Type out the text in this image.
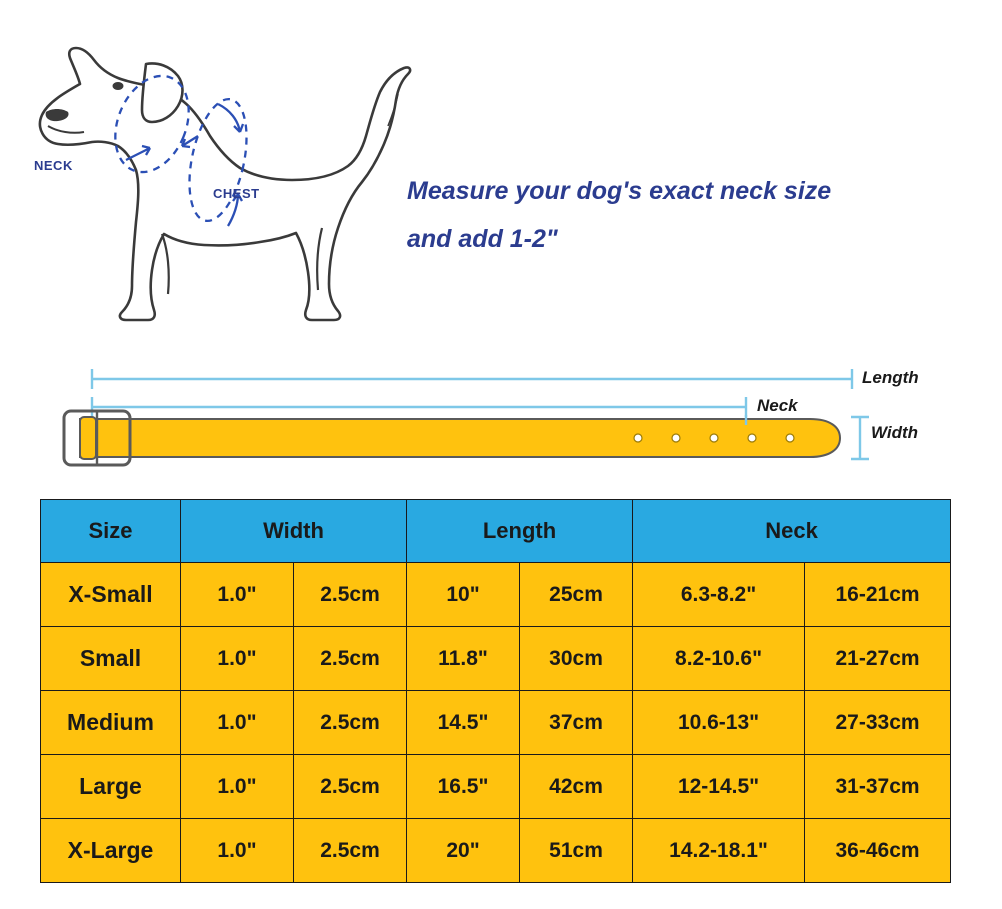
NECK
CHEST	Measure your dog's exact neck size
and add 1-2"
Length
Neck
Width
Size	Width		Length		Neck	
X-Small	1.0"	2.5cm	10"	25cm	6.3-8.2"	16-21cm
Small	1.0"	2.5cm	11.8"	30cm	8.2-10.6"	21-27cm
Medium	1.0"	2.5cm	14.5"	37cm	10.6-13"	27-33cm
Large	1.0"	2.5cm	16.5"	42cm	12-14.5"	31-37cm
X-Large	1.0"	2.5cm	20"	51cm	14.2-18.1"	36-46cm
